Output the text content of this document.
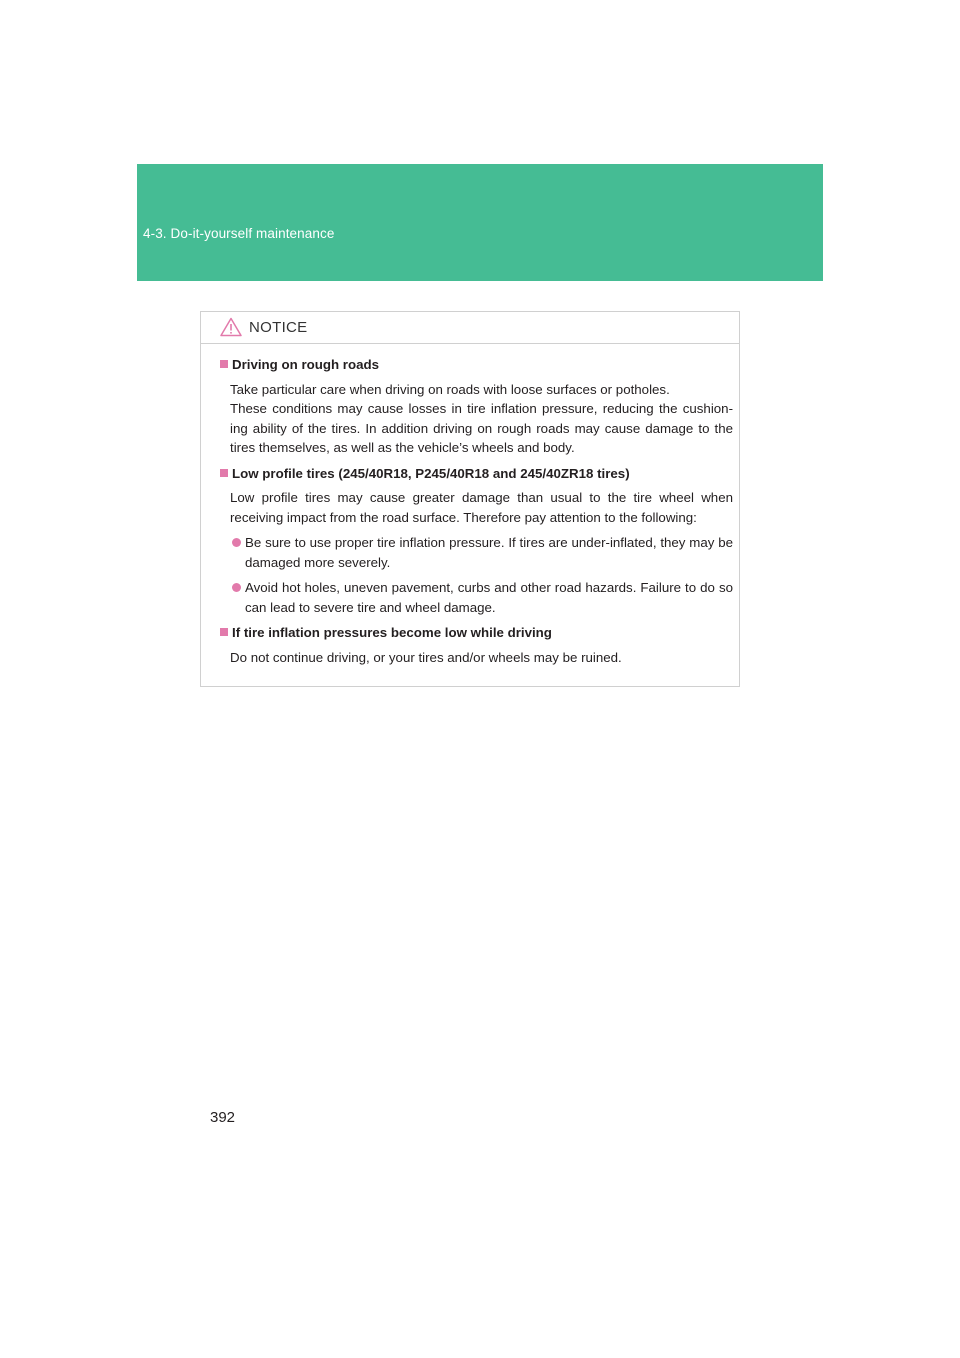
4-3. Do-it-yourself maintenance
NOTICE
Driving on rough roads
Take particular care when driving on roads with loose surfaces or potholes.
These conditions may cause losses in tire inflation pressure, reducing the cushion-ing ability of the tires. In addition driving on rough roads may cause damage to the tires themselves, as well as the vehicle’s wheels and body.
Low profile tires (245/40R18, P245/40R18 and 245/40ZR18 tires)
Low profile tires may cause greater damage than usual to the tire wheel when receiving impact from the road surface. Therefore pay attention to the following:
Be sure to use proper tire inflation pressure. If tires are under-inflated, they may be damaged more severely.
Avoid hot holes, uneven pavement, curbs and other road hazards. Failure to do so can lead to severe tire and wheel damage.
If tire inflation pressures become low while driving
Do not continue driving, or your tires and/or wheels may be ruined.
392
